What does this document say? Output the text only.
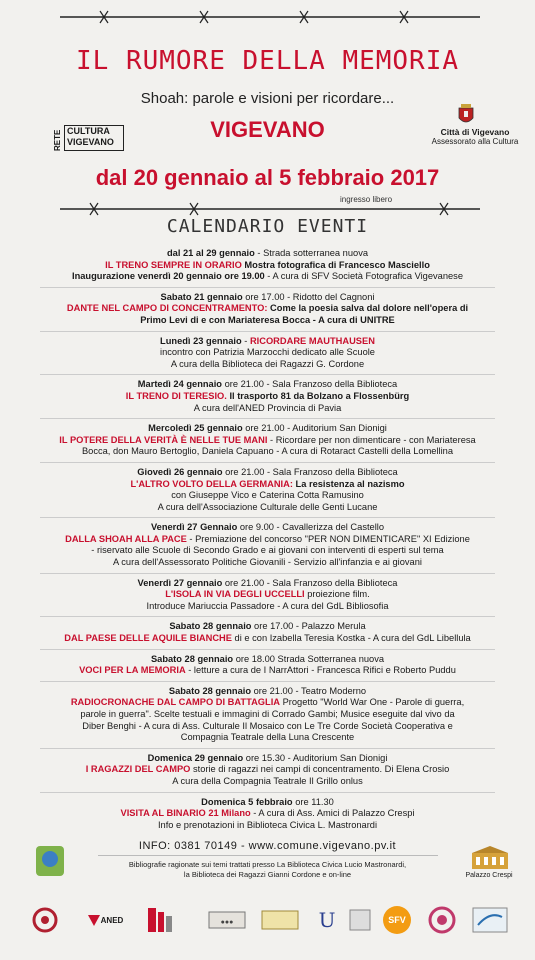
IL RUMORE DELLA MEMORIA
Shoah: parole e visioni per ricordare...
RETE CULTURA
VIGEVANO	VIGEVANO	Città di Vigevano
Assessorato alla Cultura
dal 20 gennaio al 5 febbraio 2017
ingresso libero
CALENDARIO EVENTI
dal 21 al 29 gennaio - Strada sotterranea nuova
IL TRENO SEMPRE IN ORARIO Mostra fotografica di Francesco Masciello
Inaugurazione venerdì 20 gennaio ore 19.00 - A cura di SFV Società Fotografica Vigevanese
Sabato 21 gennaio ore 17.00 - Ridotto del Cagnoni
DANTE NEL CAMPO DI CONCENTRAMENTO: Come la poesia salva dal dolore nell'opera di
Primo Levi di e con Mariateresa Bocca - A cura di UNITRE
Lunedì 23 gennaio - RICORDARE MAUTHAUSEN
incontro con Patrizia Marzocchi dedicato alle Scuole
A cura della Biblioteca dei Ragazzi G. Cordone
Martedì 24 gennaio ore 21.00 - Sala Franzoso della Biblioteca
IL TRENO DI TERESIO. Il trasporto 81 da Bolzano a Flossenbürg
A cura dell'ANED Provincia di Pavia
Mercoledì 25 gennaio ore 21.00 - Auditorium San Dionigi
IL POTERE DELLA VERITÀ È NELLE TUE MANI - Ricordare per non dimenticare - con Mariateresa
Bocca, don Mauro Bertoglio, Daniela Capuano - A cura di Rotaract Castelli della Lomellina
Giovedì 26 gennaio ore 21.00 - Sala Franzoso della Biblioteca
L'ALTRO VOLTO DELLA GERMANIA: La resistenza al nazismo
con Giuseppe Vico e Caterina Cotta Ramusino
A cura dell'Associazione Culturale delle Genti Lucane
Venerdì 27 Gennaio ore 9.00 - Cavallerizza del Castello
DALLA SHOAH ALLA PACE - Premiazione del concorso "PER NON DIMENTICARE" XI Edizione
- riservato alle Scuole di Secondo Grado e ai giovani con interventi di esperti sul tema
A cura dell'Assessorato Politiche Giovanili - Servizio all'infanzia e ai giovani
Venerdì 27 gennaio ore 21.00 - Sala Franzoso della Biblioteca
L'ISOLA IN VIA DEGLI UCCELLI proiezione film.
Introduce Mariuccia Passadore - A cura del GdL Bibliosofia
Sabato 28 gennaio ore 17.00 - Palazzo Merula
DAL PAESE DELLE AQUILE BIANCHE di e con Izabella Teresia Kostka - A cura del GdL Libellula
Sabato 28 gennaio ore 18.00 Strada Sotterranea nuova
VOCI PER LA MEMORIA - letture a cura de I NarrAttori - Francesca Rifici e Roberto Puddu
Sabato 28 gennaio ore 21.00 - Teatro Moderno
RADIOCRONACHE DAL CAMPO DI BATTAGLIA Progetto "World War One - Parole di guerra,
parole in guerra". Scelte testuali e immagini di Corrado Gambi; Musice eseguite dal vivo da
Diber Benghi - A cura di Ass. Culturale Il Mosaico con Le Tre Corde Società Cooperativa e
Compagnia Teatrale della Luna Crescente
Domenica 29 gennaio ore 15.30 - Auditorium San Dionigi
I RAGAZZI DEL CAMPO storie di ragazzi nei campi di concentramento. Di Elena Crosio
A cura della Compagnia Teatrale Il Grillo onlus
Domenica 5 febbraio ore 11.30
VISITA AL BINARIO 21 Milano - A cura di Ass. Amici di Palazzo Crespi
Info e prenotazioni in Biblioteca Civica L. Mastronardi
INFO: 0381 70149 - www.comune.vigevano.pv.it
Bibliografie ragionate sui temi trattati presso La Biblioteca Civica Lucio Mastronardi,
la Biblioteca dei Ragazzi Gianni Cordone e on-line	Palazzo Crespi
ANED	●●●	U	SFV
